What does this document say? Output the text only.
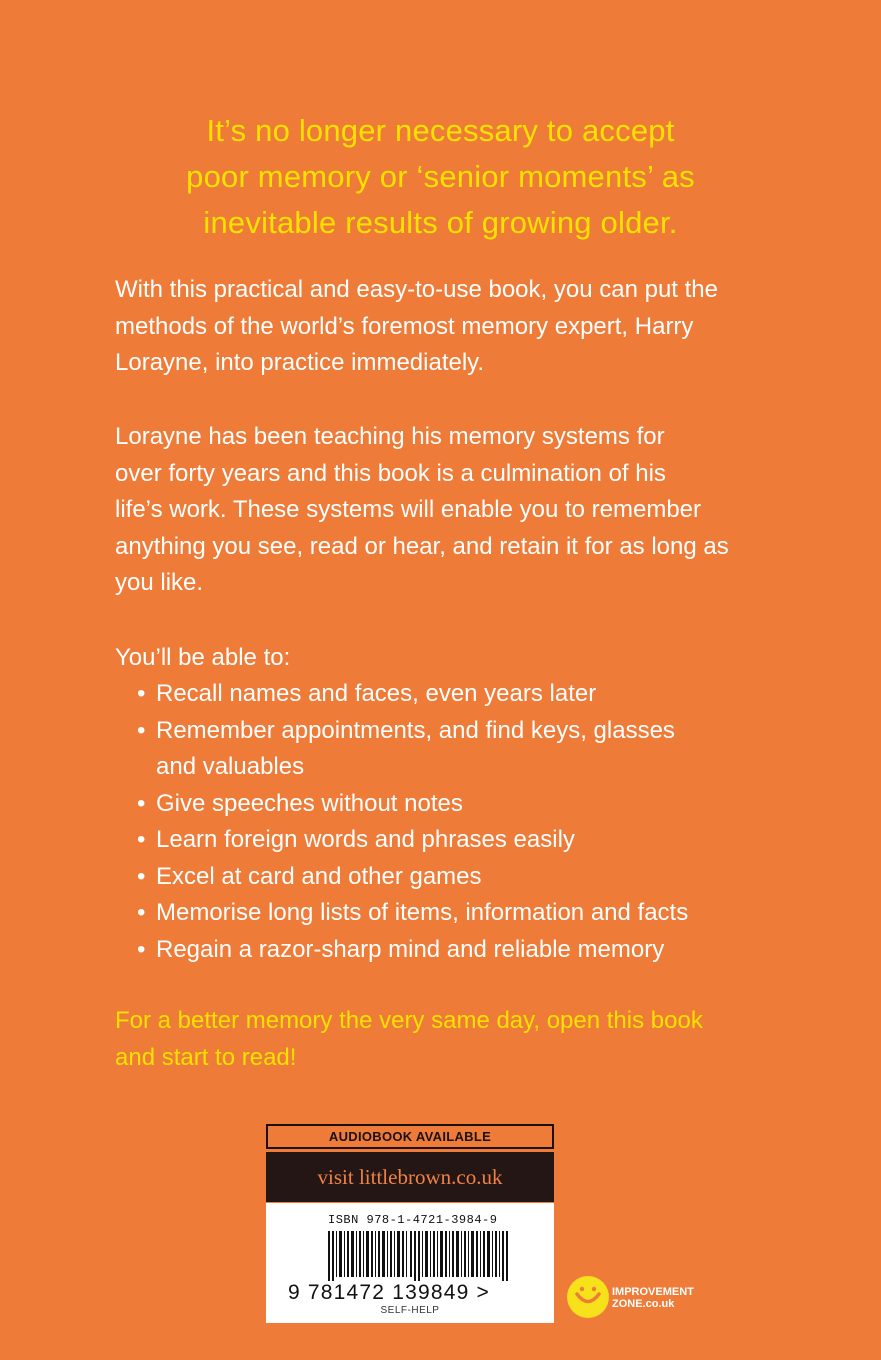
It’s no longer necessary to accept
poor memory or ‘senior moments’ as
inevitable results of growing older.
With this practical and easy-to-use book, you can put the
methods of the world’s foremost memory expert, Harry
Lorayne, into practice immediately.
Lorayne has been teaching his memory systems for
over forty years and this book is a culmination of his
life’s work. These systems will enable you to remember
anything you see, read or hear, and retain it for as long as
you like.
You’ll be able to:
• Recall names and faces, even years later
• Remember appointments, and find keys, glasses
and valuables
• Give speeches without notes
• Learn foreign words and phrases easily
• Excel at card and other games
• Memorise long lists of items, information and facts
• Regain a razor-sharp mind and reliable memory
For a better memory the very same day, open this book
and start to read!
AUDIOBOOK AVAILABLE
visit littlebrown.co.uk
ISBN 978-1-4721-3984-9
9 781472 139849 >
SELF-HELP
IMPROVEMENT
ZONE.co.uk
